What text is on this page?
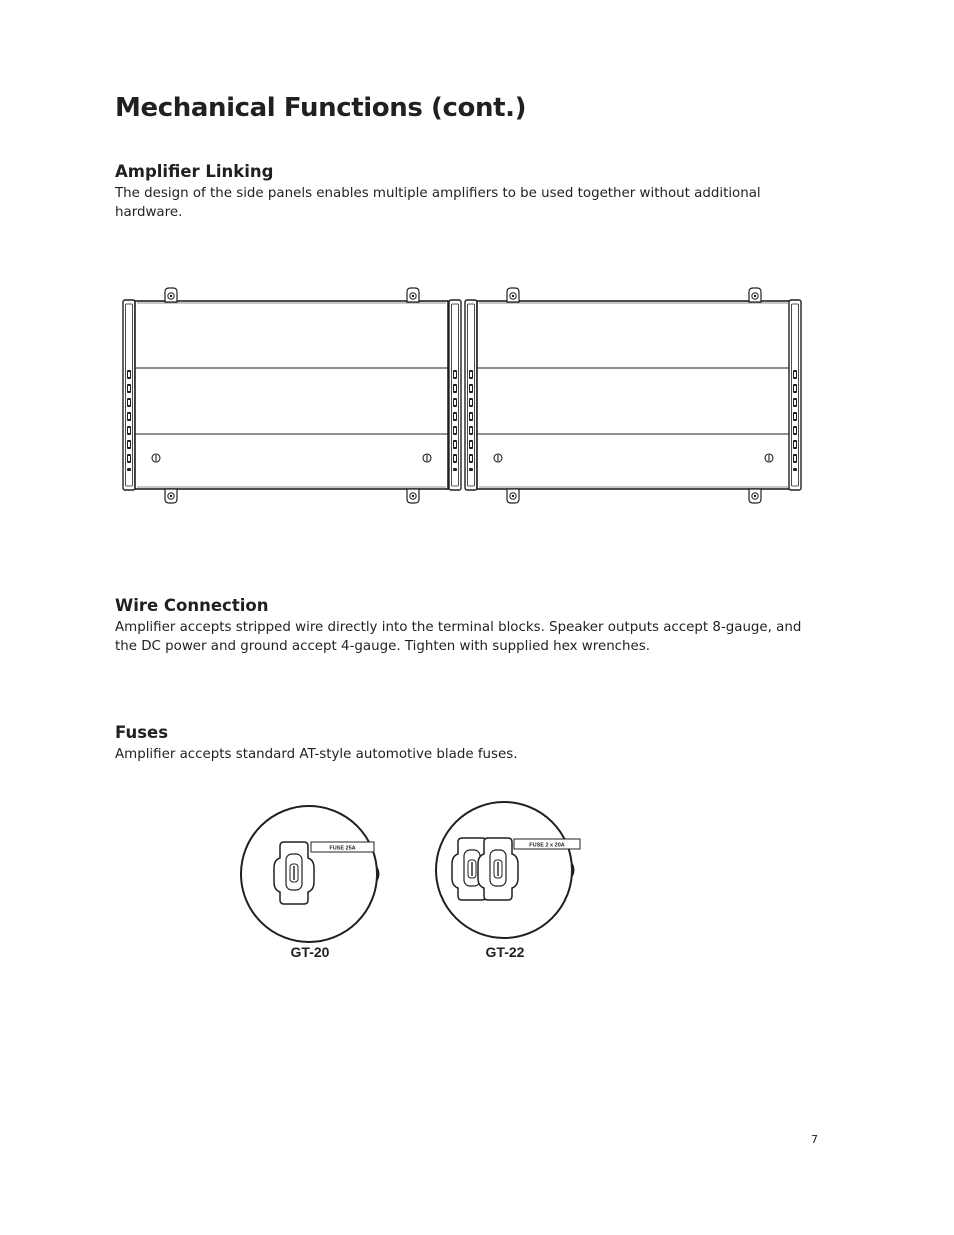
Mechanical Functions (cont.)
Amplifier Linking

The design of the side panels enables multiple amplifiers to be used together without additional hardware.

Wire Connection

Amplifier accepts stripped wire directly into the terminal blocks. Speaker outputs accept 8-gauge, and the DC power and ground accept 4-gauge. Tighten with supplied hex wrenches.

Fuses

Amplifier accepts standard AT-style automotive blade fuses.

FUSE 25A	FUSE 2 x 20A
GT-20	GT-22
7
